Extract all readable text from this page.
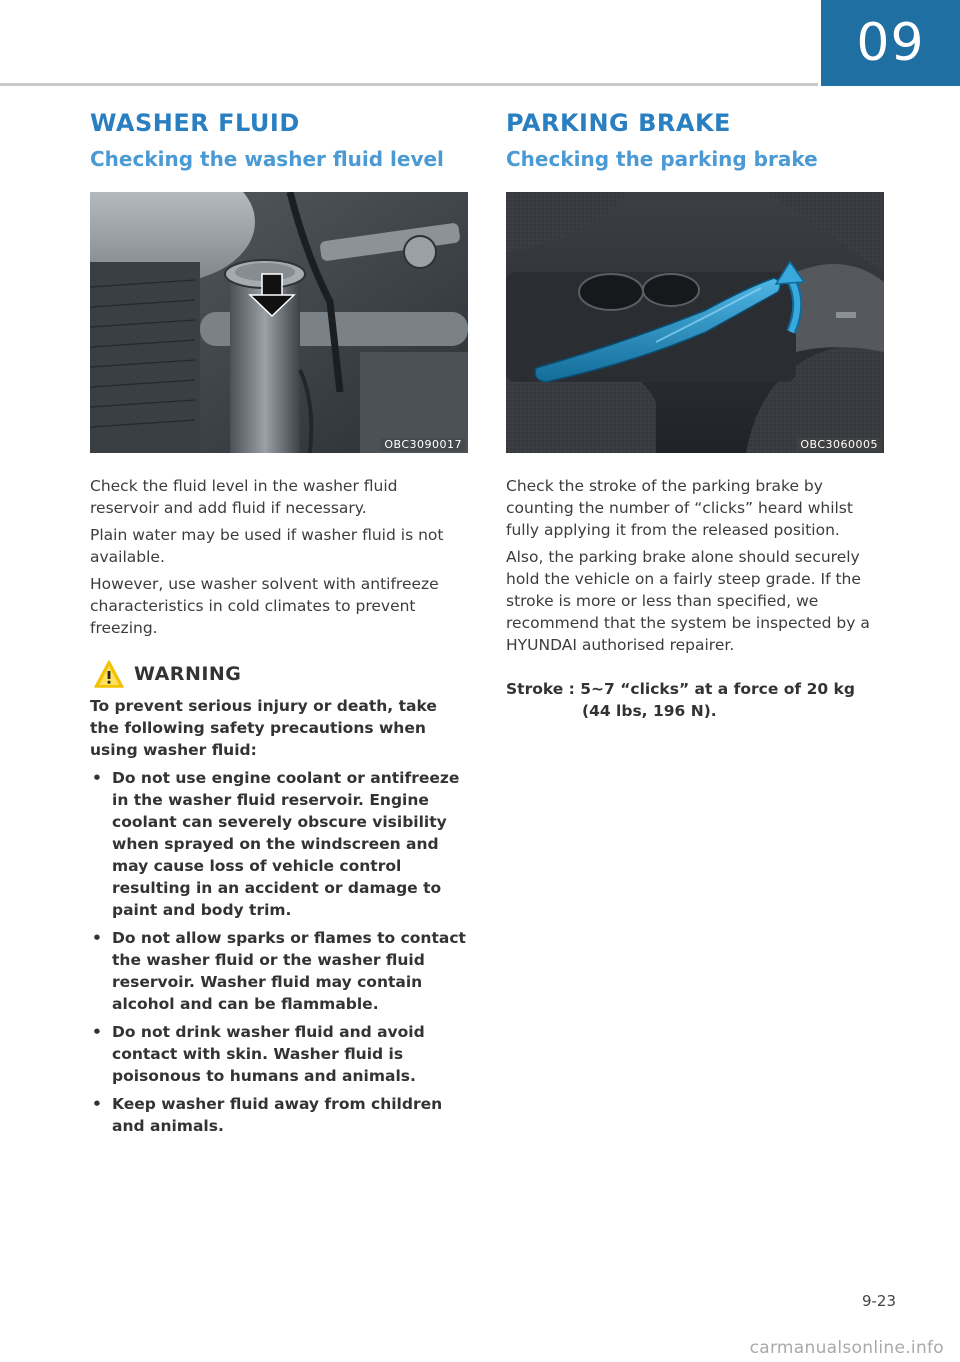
09
WASHER FLUID
Checking the washer fluid level
OBC3090017

Check the fluid level in the washer fluid reservoir and add fluid if necessary.

Plain water may be used if washer fluid is not available.

However, use washer solvent with antifreeze characteristics in cold climates to prevent freezing.

WARNING

To prevent serious injury or death, take the following safety precautions when using washer fluid:

• Do not use engine coolant or antifreeze in the washer fluid reservoir. Engine coolant can severely obscure visibility when sprayed on the windscreen and may cause loss of vehicle control resulting in an accident or damage to paint and body trim.
• Do not allow sparks or flames to contact the washer fluid or the washer fluid reservoir. Washer fluid may contain alcohol and can be flammable.
• Do not drink washer fluid and avoid contact with skin. Washer fluid is poisonous to humans and animals.
• Keep washer fluid away from children and animals.
PARKING BRAKE
Checking the parking brake
OBC3060005

Check the stroke of the parking brake by counting the number of “clicks” heard whilst fully applying it from the released position.

Also, the parking brake alone should securely hold the vehicle on a fairly steep grade. If the stroke is more or less than specified, we recommend that the system be inspected by a HYUNDAI authorised repairer.

Stroke : 5~7 “clicks” at a force of 20 kg
(44 lbs, 196 N).
9-23
carmanualsonline.info
